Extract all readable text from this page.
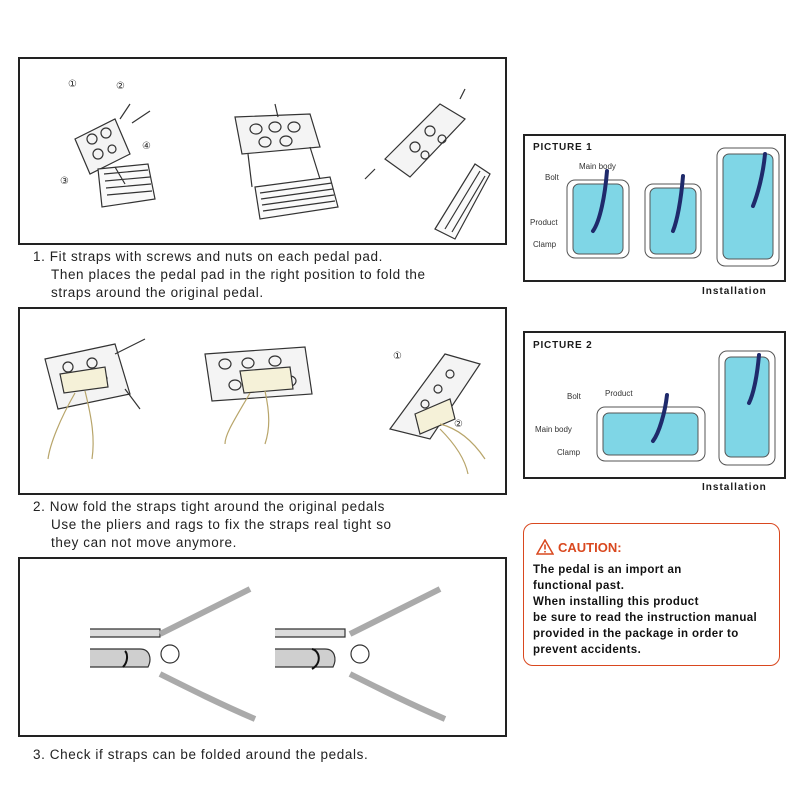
①	②
③
④
1. Fit straps with screws and nuts on each pedal pad.
Then places the pedal pad in the right position to fold the
straps around the original pedal.
①
②
2. Now fold the straps tight around the original pedals
Use the pliers and rags to fix the straps real tight so
they can not move anymore.
3. Check if straps can be folded around the pedals.
PICTURE 1
Main body
Bolt
Product
Clamp
Installation
PICTURE 2
Bolt	Product
Main body
Clamp
Installation
CAUTION:
The pedal is an import an
functional past.
When installing this product
be sure to read the instruction manual
provided in the package in order to
prevent accidents.
